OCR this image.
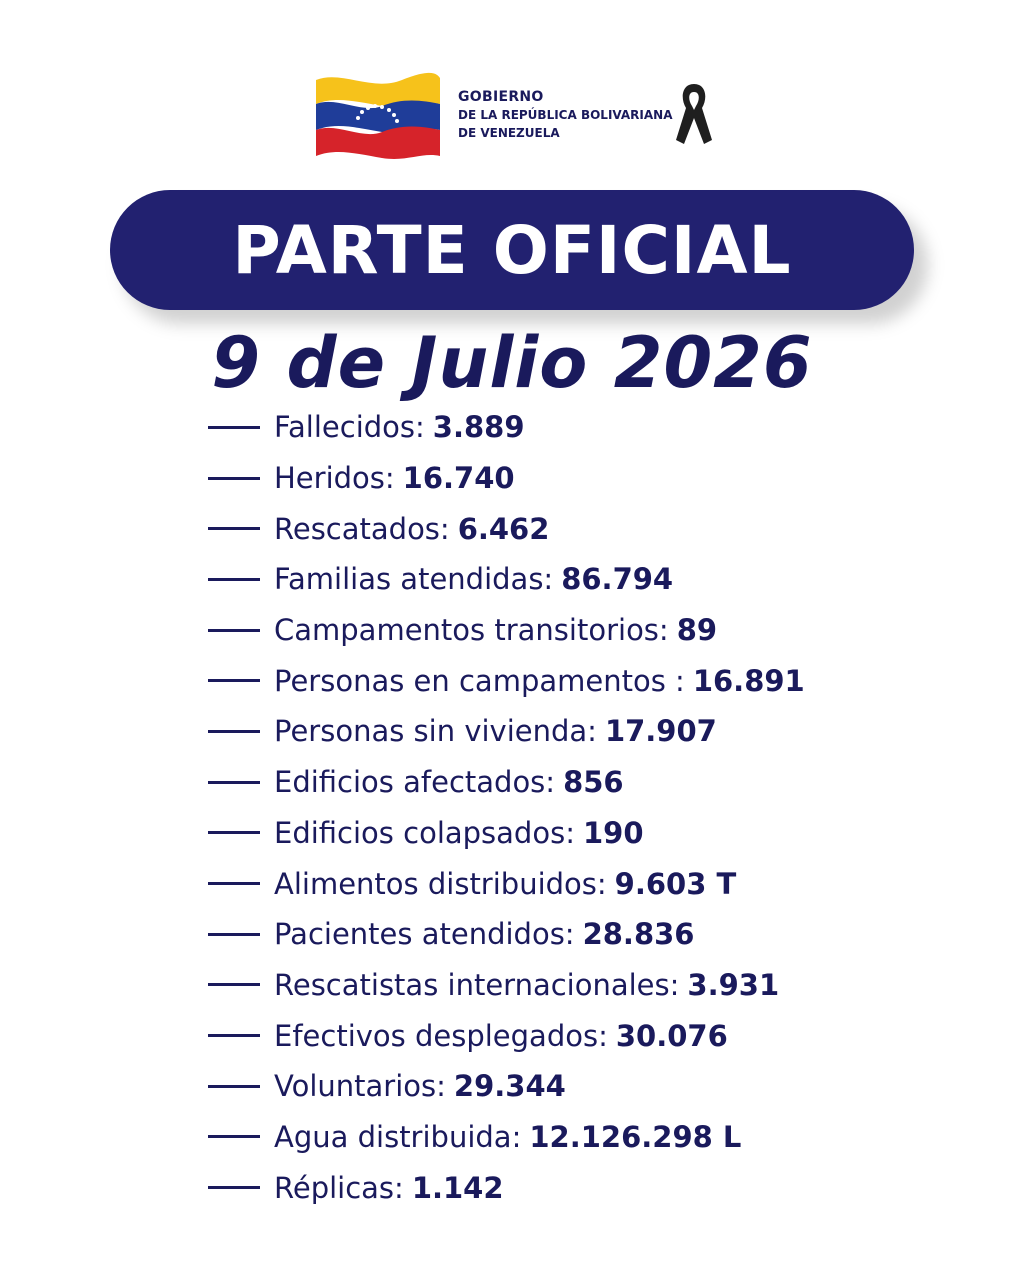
GOBIERNO
DE LA REPÚBLICA BOLIVARIANA
DE VENEZUELA
PARTE OFICIAL
9 de Julio 2026
Fallecidos: 3.889
Heridos: 16.740
Rescatados: 6.462
Familias atendidas: 86.794
Campamentos transitorios: 89
Personas en campamentos : 16.891
Personas sin vivienda: 17.907
Edificios afectados: 856
Edificios colapsados: 190
Alimentos distribuidos: 9.603 T
Pacientes atendidos: 28.836
Rescatistas internacionales: 3.931
Efectivos desplegados: 30.076
Voluntarios: 29.344
Agua distribuida: 12.126.298 L
Réplicas: 1.142
